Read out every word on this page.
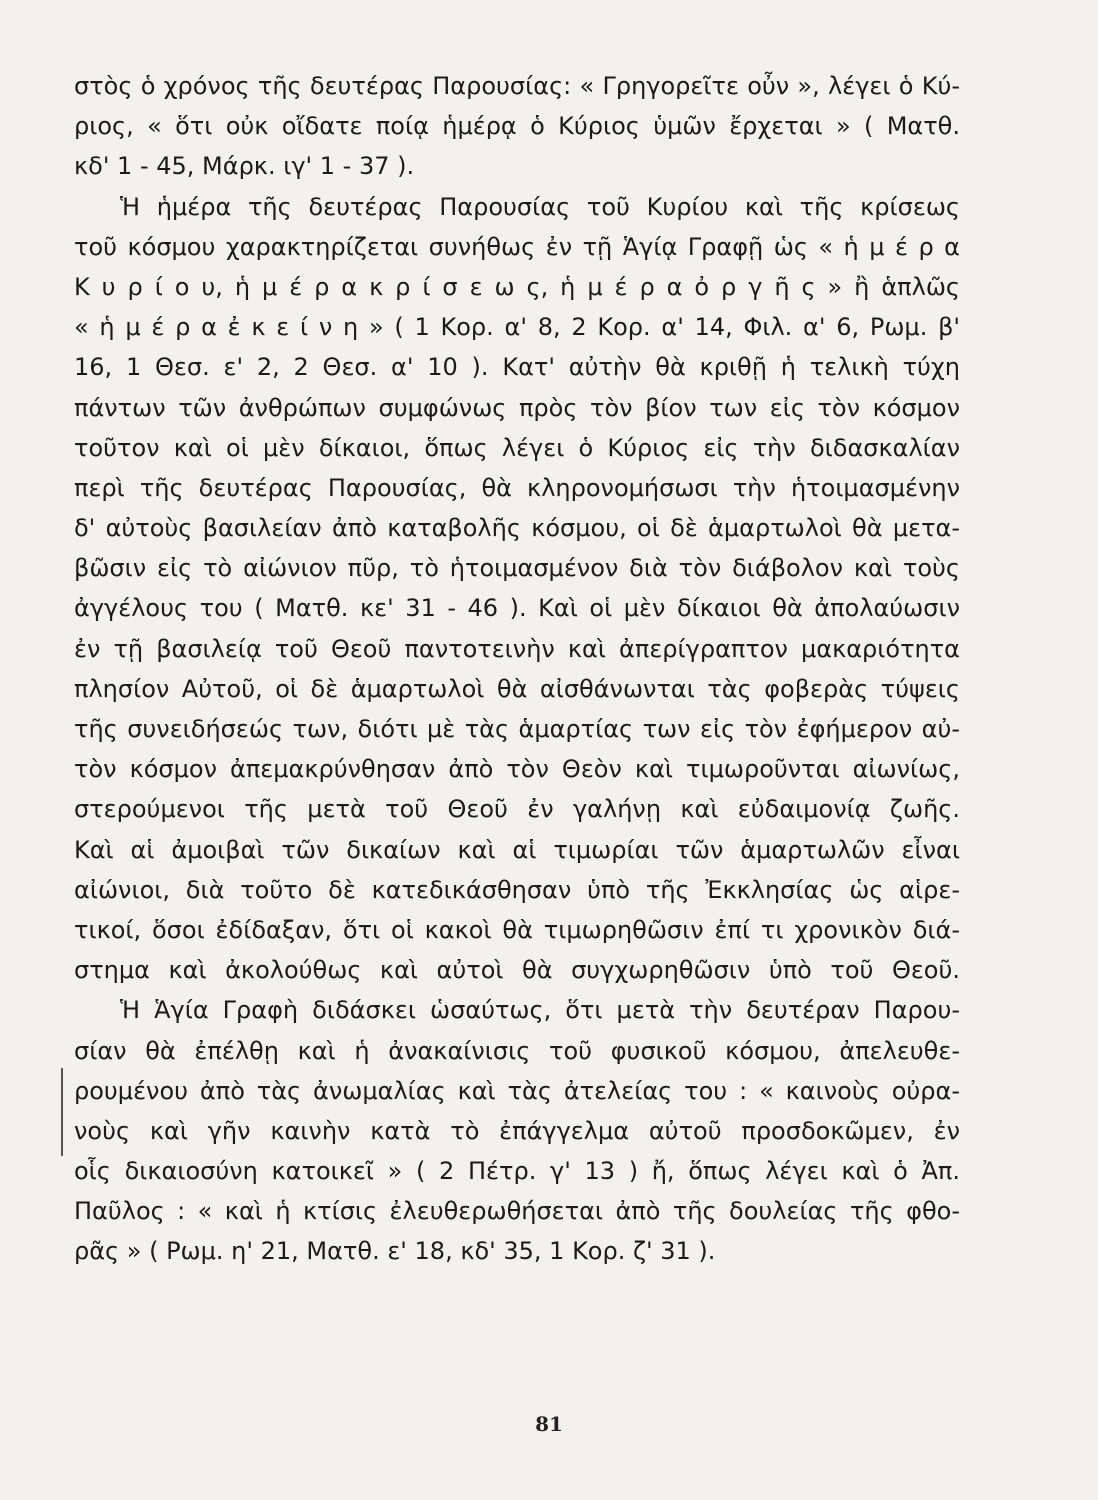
στὸς ὁ χρόνος τῆς δευτέρας Παρουσίας: « Γρηγορεῖτε οὖν », λέγει ὁ Κύ-
ριος, « ὅτι οὐκ οἴδατε ποίᾳ ἡμέρᾳ ὁ Κύριος ὑμῶν ἔρχεται » ( Ματθ.
κδ' 1 - 45, Μάρκ. ιγ' 1 - 37 ).
Ἡ ἡμέρα τῆς δευτέρας Παρουσίας τοῦ Κυρίου καὶ τῆς κρίσεως
τοῦ κόσμου χαρακτηρίζεται συνήθως ἐν τῇ Ἁγίᾳ Γραφῇ ὡς « ἡ μ έ ρ α
Κ υ ρ ί ο υ, ἡ μ έ ρ α κ ρ ί σ ε ω ς, ἡ μ έ ρ α ὀ ρ γ ῆ ς » ἢ ἁπλῶς
« ἡ μ έ ρ α ἐ κ ε ί ν η » ( 1 Κορ. α' 8, 2 Κορ. α' 14, Φιλ. α' 6, Ρωμ. β'
16, 1 Θεσ. ε' 2, 2 Θεσ. α' 10 ). Κατ' αὐτὴν θὰ κριθῇ ἡ τελικὴ τύχη
πάντων τῶν ἀνθρώπων συμφώνως πρὸς τὸν βίον των εἰς τὸν κόσμον
τοῦτον καὶ οἱ μὲν δίκαιοι, ὅπως λέγει ὁ Κύριος εἰς τὴν διδασκαλίαν
περὶ τῆς δευτέρας Παρουσίας, θὰ κληρονομήσωσι τὴν ἡτοιμασμένην
δ' αὐτοὺς βασιλείαν ἀπὸ καταβολῆς κόσμου, οἱ δὲ ἁμαρτωλοὶ θὰ μετα-
βῶσιν εἰς τὸ αἰώνιον πῦρ, τὸ ἡτοιμασμένον διὰ τὸν διάβολον καὶ τοὺς
ἀγγέλους του ( Ματθ. κε' 31 - 46 ). Καὶ οἱ μὲν δίκαιοι θὰ ἀπολαύωσιν
ἐν τῇ βασιλείᾳ τοῦ Θεοῦ παντοτεινὴν καὶ ἀπερίγραπτον μακαριότητα
πλησίον Αὐτοῦ, οἱ δὲ ἁμαρτωλοὶ θὰ αἰσθάνωνται τὰς φοβερὰς τύψεις
τῆς συνειδήσεώς των, διότι μὲ τὰς ἁμαρτίας των εἰς τὸν ἐφήμερον αὐ-
τὸν κόσμον ἀπεμακρύνθησαν ἀπὸ τὸν Θεὸν καὶ τιμωροῦνται αἰωνίως,
στερούμενοι τῆς μετὰ τοῦ Θεοῦ ἐν γαλήνῃ καὶ εὐδαιμονίᾳ ζωῆς.
Καὶ αἱ ἀμοιβαὶ τῶν δικαίων καὶ αἱ τιμωρίαι τῶν ἁμαρτωλῶν εἶναι
αἰώνιοι, διὰ τοῦτο δὲ κατεδικάσθησαν ὑπὸ τῆς Ἐκκλησίας ὡς αἱρε-
τικοί, ὅσοι ἐδίδαξαν, ὅτι οἱ κακοὶ θὰ τιμωρηθῶσιν ἐπί τι χρονικὸν διά-
στημα καὶ ἀκολούθως καὶ αὐτοὶ θὰ συγχωρηθῶσιν ὑπὸ τοῦ Θεοῦ.
Ἡ Ἁγία Γραφὴ διδάσκει ὡσαύτως, ὅτι μετὰ τὴν δευτέραν Παρου-
σίαν θὰ ἐπέλθῃ καὶ ἡ ἀνακαίνισις τοῦ φυσικοῦ κόσμου, ἀπελευθε-
ρουμένου ἀπὸ τὰς ἀνωμαλίας καὶ τὰς ἀτελείας του : « καινοὺς οὐρα-
νοὺς καὶ γῆν καινὴν κατὰ τὸ ἐπάγγελμα αὐτοῦ προσδοκῶμεν, ἐν
οἷς δικαιοσύνη κατοικεῖ » ( 2 Πέτρ. γ' 13 ) ἤ, ὅπως λέγει καὶ ὁ Ἀπ.
Παῦλος : « καὶ ἡ κτίσις ἐλευθερωθήσεται ἀπὸ τῆς δουλείας τῆς φθο-
ρᾶς » ( Ρωμ. η' 21, Ματθ. ε' 18, κδ' 35, 1 Κορ. ζ' 31 ).
81
